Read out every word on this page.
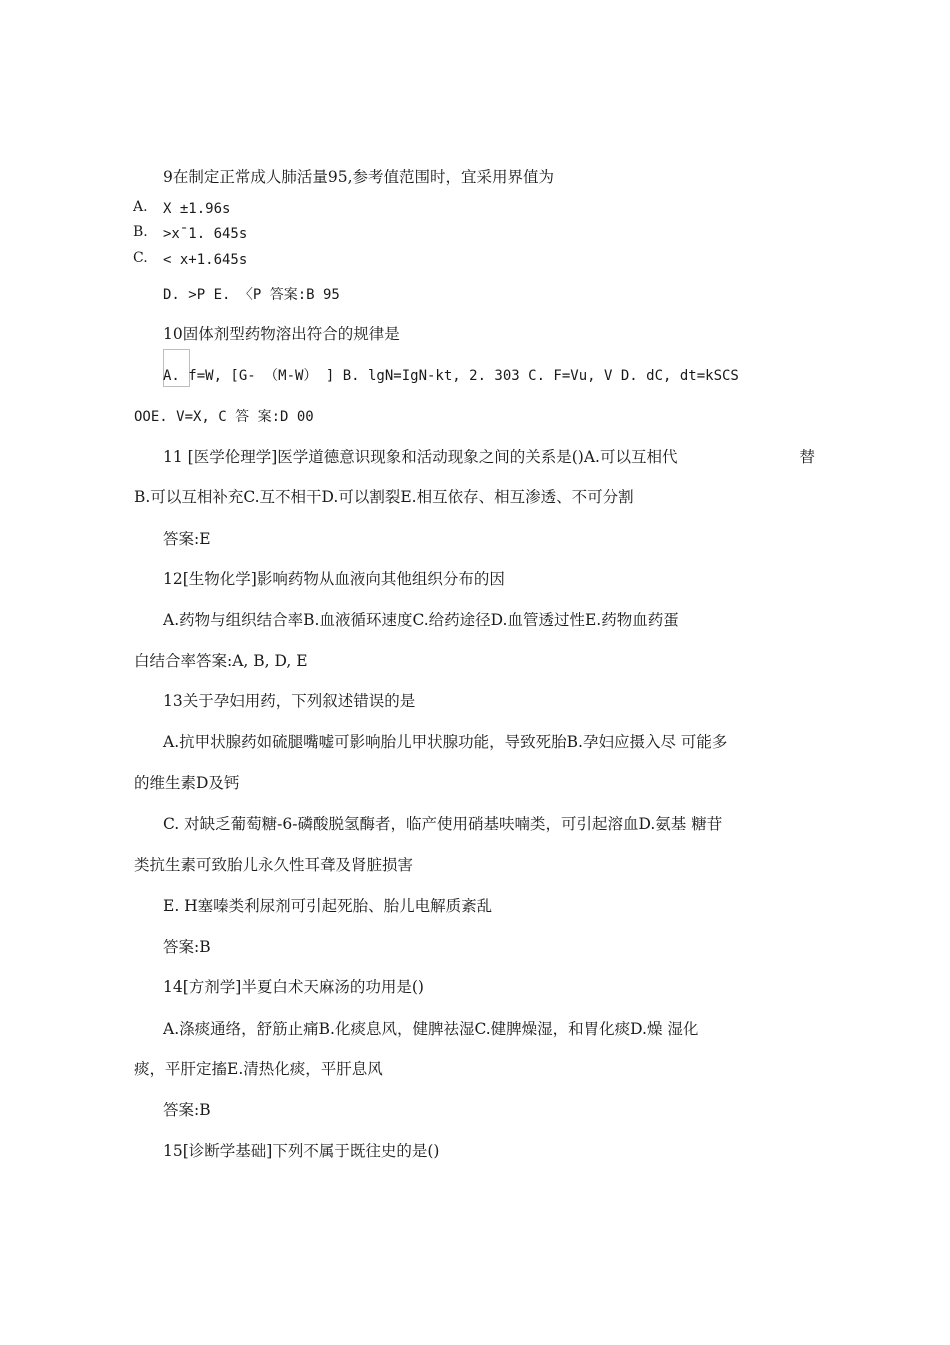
9在制定正常成人肺活量95,参考值范围时，宜采用界值为
A. X ±1.96s
B. >x¯1. 645s
C. < x+1.645s
D. >P E. 〈P 答案:B 95
10固体剂型药物溶出符合的规律是
A. f=W, [G- （M-W） ] B. lgN=IgN-kt, 2. 303 C. F=Vu, V D. dC, dt=kSCS
OOE. V=X, C 答 案:D 00
11 [医学伦理学]医学道德意识现象和活动现象之间的关系是()A.可以互相代	替
B.可以互相补充C.互不相干D.可以割裂E.相互依存、相互渗透、不可分割
答案:E
12[生物化学]影响药物从血液向其他组织分布的因
A.药物与组织结合率B.血液循环速度C.给药途径D.血管透过性E.药物血药蛋
白结合率答案:A, B, D, E
13关于孕妇用药，下列叙述错误的是
A.抗甲状腺药如硫腿嘴嘘可影响胎儿甲状腺功能，导致死胎B.孕妇应摄入尽 可能多
的维生素D及钙
C. 对缺乏葡萄糖-6-磷酸脱氢酶者，临产使用硝基呋喃类，可引起溶血D.氨基 糖苷
类抗生素可致胎儿永久性耳聋及肾脏损害
E. H塞嗪类利尿剂可引起死胎、胎儿电解质紊乱
答案:B
14[方剂学]半夏白术天麻汤的功用是()
A.涤痰通络，舒筋止痛B.化痰息风，健脾祛湿C.健脾燥湿，和胃化痰D.燥 湿化
痰，平肝定搐E.清热化痰，平肝息风
答案:B
15[诊断学基础]下列不属于既往史的是()
